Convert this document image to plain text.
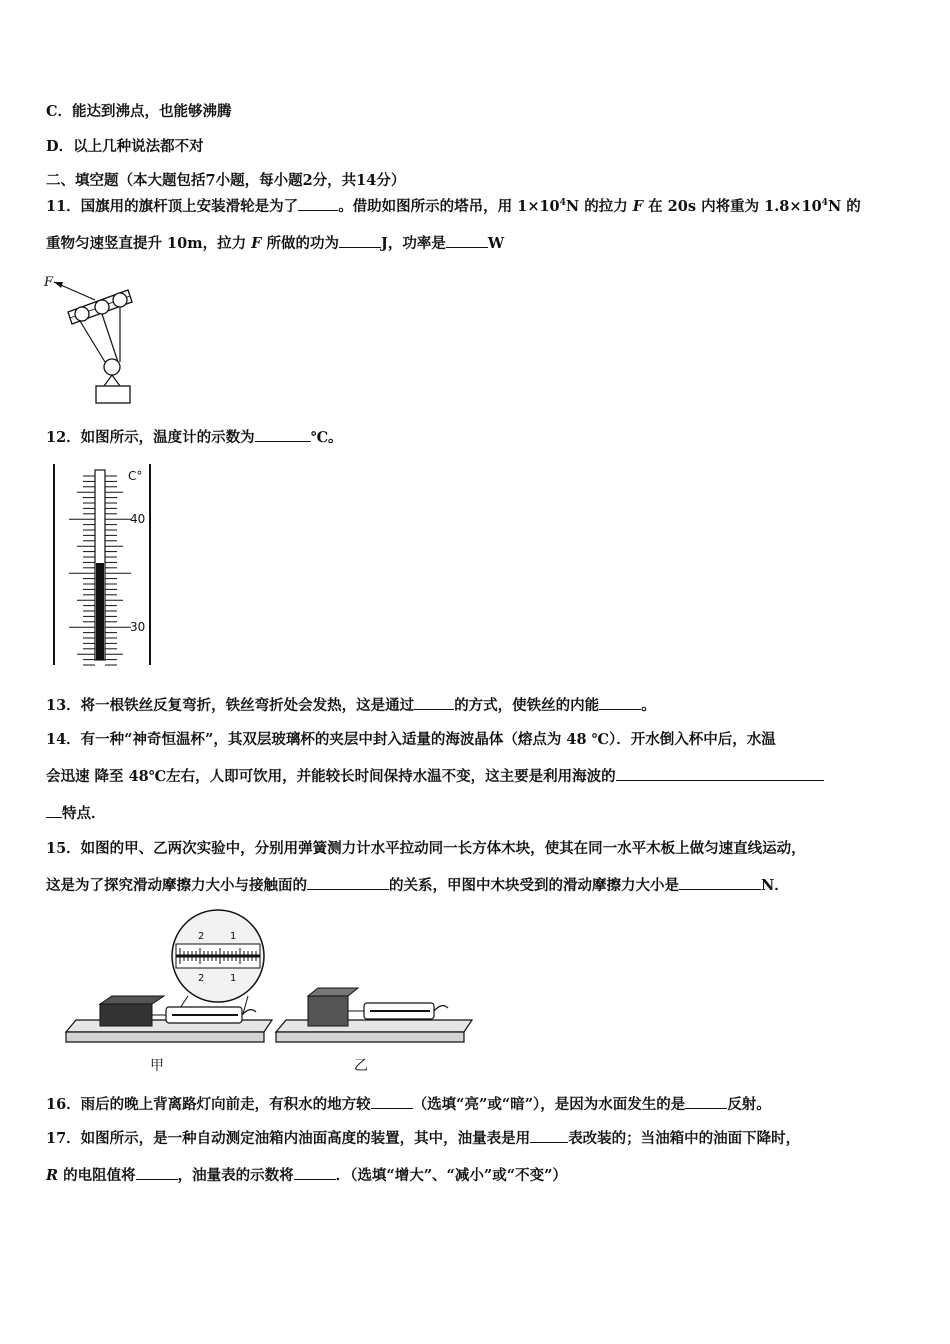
C．能达到沸点，也能够沸腾
D．以上几种说法都不对
二、填空题（本大题包括7小题，每小题2分，共14分）
11．国旗用的旗杆顶上安装滑轮是为了	。借助如图所示的塔吊，用 $1\times 10^4N$ 的拉力 F 在 20s 内将重为 $1.8\times 10^4N$ 的
重物匀速竖直提升 10m，拉力 F 所做的功为	J，功率是	W
F
12．如图所示，温度计的示数为	℃。
C°
40
30
13．将一根铁丝反复弯折，铁丝弯折处会发热，这是通过	的方式，使铁丝的内能	。
14．有一种“神奇恒温杯”，其双层玻璃杯的夹层中封入适量的海波晶体（熔点为 48 ℃）．开水倒入杯中后，水温
会迅速 降至 48℃左右，人即可饮用，并能较长时间保持水温不变，这主要是利用海波的
特点．
15．如图的甲、乙两次实验中，分别用弹簧测力计水平拉动同一长方体木块，使其在同一水平木板上做匀速直线运动，
这是为了探究滑动摩擦力大小与接触面的	的关系，甲图中木块受到的滑动摩擦力大小是	N．
2	1
2	1
甲	乙
16．雨后的晚上背离路灯向前走，有积水的地方较	（选填“亮”或“暗”），是因为水面发生的是	反射。
17．如图所示，是一种自动测定油箱内油面高度的装置，其中，油量表是用	表改装的；当油箱中的油面下降时，
R 的电阻值将	，油量表的示数将	．（选填“增大”、“减小”或“不变”）
